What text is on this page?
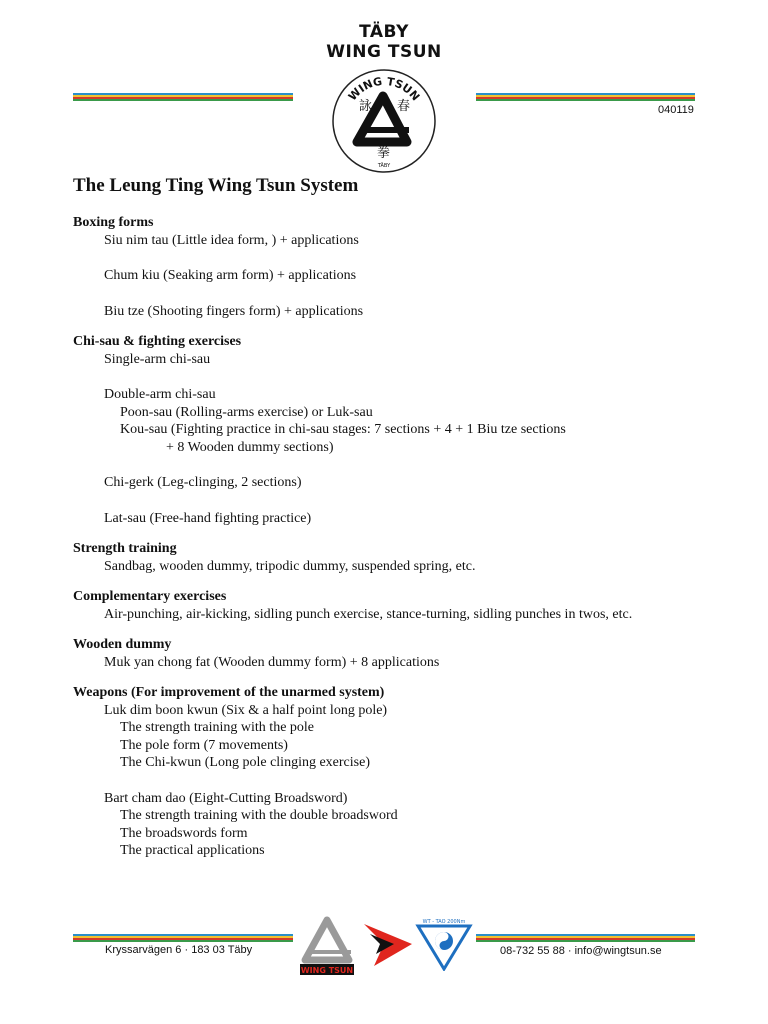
TÄBY
WING TSUN
040119
WING TSUN
詠 春
拳
TÄBY
The Leung Ting Wing Tsun System
Boxing forms
Siu nim tau (Little idea form, ) + applications
Chum kiu (Seaking arm form) + applications
Biu tze (Shooting fingers form) + applications
Chi-sau & fighting exercises
Single-arm chi-sau
Double-arm chi-sau
Poon-sau (Rolling-arms exercise) or Luk-sau
Kou-sau (Fighting practice in chi-sau stages: 7 sections + 4 + 1 Biu tze sections
+ 8 Wooden dummy sections)
Chi-gerk (Leg-clinging, 2 sections)
Lat-sau (Free-hand fighting practice)
Strength training
Sandbag, wooden dummy, tripodic dummy, suspended spring, etc.
Complementary exercises
Air-punching, air-kicking, sidling punch exercise, stance-turning, sidling punches in twos, etc.
Wooden dummy
Muk yan chong fat (Wooden dummy form) + 8 applications
Weapons (For improvement of the unarmed system)
Luk dim boon kwun (Six & a half point long pole)
The strength training with the pole
The pole form (7 movements)
The Chi-kwun (Long pole clinging exercise)
Bart cham dao (Eight-Cutting Broadsword)
The strength training with the double broadsword
The broadswords form
The practical applications
Kryssarvägen 6 · 183 03 Täby	08-732 55 88 · info@wingtsun.se
WING TSUN
WT - TAO 200Nm
